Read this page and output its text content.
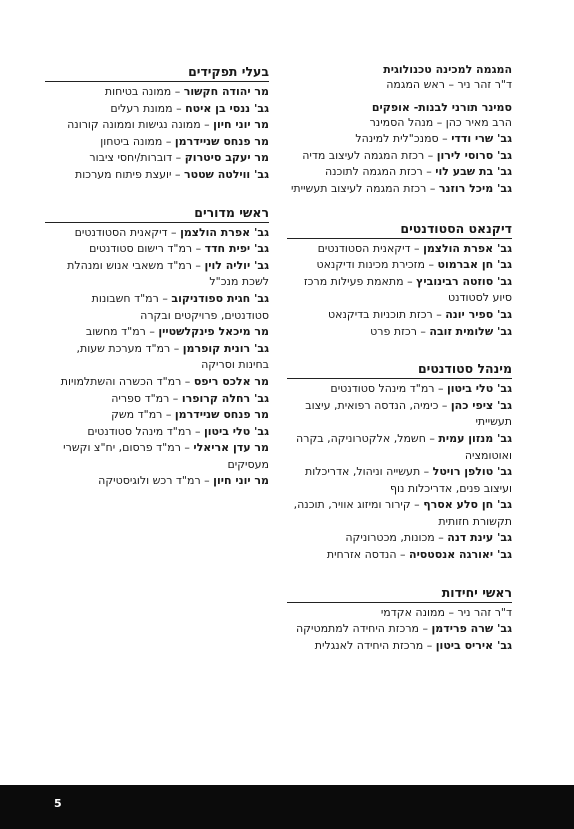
בעלי תפקידים
מר יהודה חקשור – ממונה בטיחות
גב' ננסי בן איטח – ממונת רעלים
מר יוני חיון – ממונה נגישות וממונה קורונה
מר פנחס שניידרמן – ממונה ביטחון
מר יעקב סיטרוק – דוברות/יחסי ציבור
גב' ווילטה שטטר – יועצת פיתוח מערכות
ראשי מדורים
גב' אפרת הולצמן – דיקאנית הסטודנטים
גב' יפית חדד – רמ"ד רישום סטודנטים
גב' יוליה לוין – רמ"ד משאבי אנוש ומנהלת לשכת מנכ"ל
גב' חגית ספודניקוב – רמ"ד חשבונות סטודנטים, פרויקטים ובקרה
מר מיכאל פינקלשטיין – רמ"ד מחשוב
גב' רונית קופרמן – רמ"ד מערכת שעות, בחינות וסריקה
מר אלכס ריפס – רמ"ד הכשרה והשתלמויות
גב' רחלה קרופרו – רמ"ד ספריה
מר פנחס שניידרמן – רמ"ד משק
גב' טלי ביטון – רמ"ד מינהל סטודנטים
מר עדן אריאלי – רמ"ד פרסום, יח"צ וקשרי מעסיקים
מר יוני חיון – רמ"ד רכש ולוגיסטיקה
המגמה למכינה טכנולוגית
ד"ר זהר ניר – ראש המגמה
סמינר תורני לבנות- אופקים
הרב מאיר כהן – מנהל הסמינר
גב' שרי ודדי – סמנכ"לית למינהל
גב' סרוסי לירון – רכזת המגמה לעיצוב מדיה
גב' בת שבע לוי – רכזת המגמה לתוכנה
גב' מיכל רוזנר – רכזת המגמה לעיצוב תעשייתי
דיקנאט הסטודנטים
גב' אפרת הולצמן – דיקאנית הסטודנטים
גב' חן אברמוט – מזכירת מכינות ודיקנאט
גב' סוזטה רבינוביץ – מתאמת פעילות מרכז סיוע לסטודנט
גב' ספיר יונה – רכזת תוכניות בדיקנאט
גב' שלומית זובה – רכזת פרט
מינהל סטודנטים
גב' טלי ביטון – רמ"ד מינהל סטודנטים
גב' ציפי כהן – כימיה, הנדסה רפואית, עיצוב תעשייתי
גב' מנזון עמית – חשמל, אלקטרוניקה, בקרה ואוטומציה
גב' טולפן רויטל – תעשייה וניהול, אדריכלות ועיצוב פנים, אדריכלות נוף
גב' חן סלע אסרף – קירור ומיזוג אוויר, תוכנה, תקשורת חזותית
גב' עינת דנה – מכונות, מכטרוניקה
גב' יאורגה אנסטסיה – הנדסה אזרחית
ראשי יחידות
ד"ר זהר ניר – ממונה אקדמי
גב' שרה פרידמן – מרכזת היחידה למתמטיקה
גב' איריס ביטון – מרכזת היחידה לאנגלית
5
